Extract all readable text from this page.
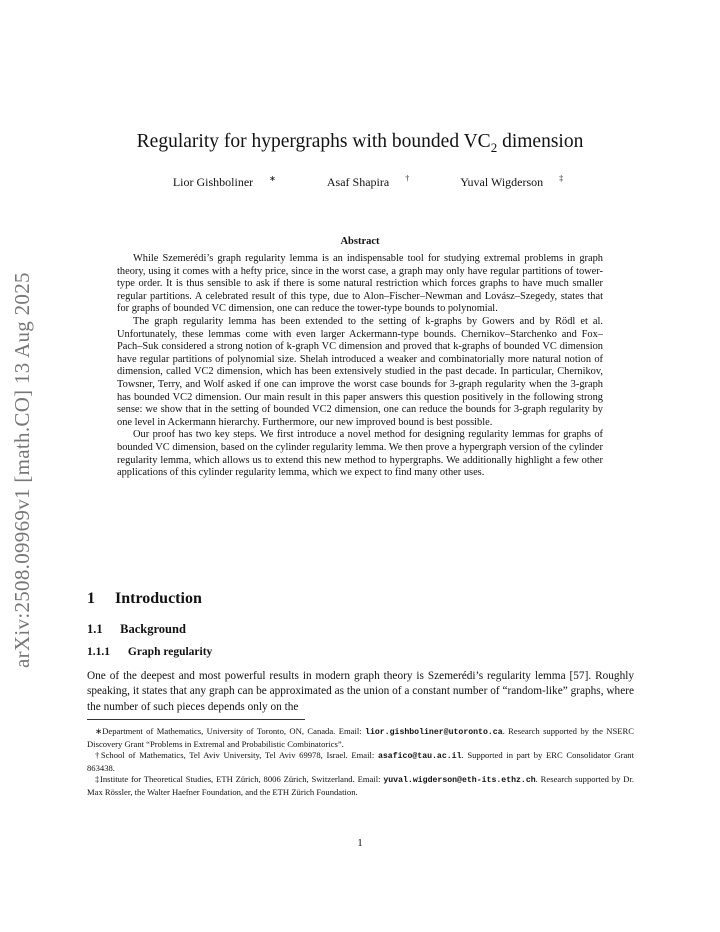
arXiv:2508.09969v1 [math.CO] 13 Aug 2025
Regularity for hypergraphs with bounded $VC_2$ dimension
Lior Gishboliner ∗	Asaf Shapira †	Yuval Wigderson ‡
Abstract

While Szemerédi’s graph regularity lemma is an indispensable tool for studying extremal problems in graph theory, using it comes with a hefty price, since in the worst case, a graph may only have regular partitions of tower-type order. It is thus sensible to ask if there is some natural restriction which forces graphs to have much smaller regular partitions. A celebrated result of this type, due to Alon–Fischer–Newman and Lovász–Szegedy, states that for graphs of bounded VC dimension, one can reduce the tower-type bounds to polynomial.

The graph regularity lemma has been extended to the setting of k-graphs by Gowers and by Rödl et al. Unfortunately, these lemmas come with even larger Ackermann-type bounds. Chernikov–Starchenko and Fox–Pach–Suk considered a strong notion of k-graph VC dimension and proved that k-graphs of bounded VC dimension have regular partitions of polynomial size. Shelah introduced a weaker and combinatorially more natural notion of dimension, called VC2 dimension, which has been extensively studied in the past decade. In particular, Chernikov, Towsner, Terry, and Wolf asked if one can improve the worst case bounds for 3-graph regularity when the 3-graph has bounded VC2 dimension. Our main result in this paper answers this question positively in the following strong sense: we show that in the setting of bounded VC2 dimension, one can reduce the bounds for 3-graph regularity by one level in Ackermann hierarchy. Furthermore, our new improved bound is best possible.

Our proof has two key steps. We first introduce a novel method for designing regularity lemmas for graphs of bounded VC dimension, based on the cylinder regularity lemma. We then prove a hypergraph version of the cylinder regularity lemma, which allows us to extend this new method to hypergraphs. We additionally highlight a few other applications of this cylinder regularity lemma, which we expect to find many other uses.

1 Introduction
1.1 Background
1.1.1 Graph regularity

One of the deepest and most powerful results in modern graph theory is Szemerédi’s regularity lemma [57]. Roughly speaking, it states that any graph can be approximated as the union of a constant number of “random-like” graphs, where the number of such pieces depends only on the

∗Department of Mathematics, University of Toronto, ON, Canada. Email: lior.gishboliner@utoronto.ca. Research supported by the NSERC Discovery Grant “Problems in Extremal and Probabilistic Combinatorics”.

†School of Mathematics, Tel Aviv University, Tel Aviv 69978, Israel. Email: asafico@tau.ac.il. Supported in part by ERC Consolidator Grant 863438.

‡Institute for Theoretical Studies, ETH Zürich, 8006 Zürich, Switzerland. Email: yuval.wigderson@eth-its.ethz.ch. Research supported by Dr. Max Rössler, the Walter Haefner Foundation, and the ETH Zürich Foundation.

1
